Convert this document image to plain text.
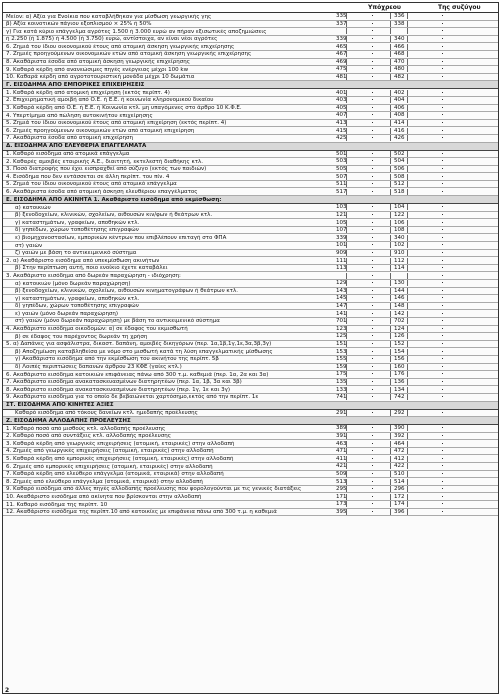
Υπόχρεου	Της συζύγου
Μείον: α) Αξία για Ενοίκια που καταβλήθηκαν για μίσθωση γεωργικής γης	335	336
β) Αξία κοινοτικών πάγιου εξοπλισμού × 25% ή 50%	337	338
γ) Για κατά κύριο επάγγελμα αγρότες 1.500 ή 3.000 ευρώ αν πήραν εξισωτικές αποζημιώσεις
ή 2.250 (ή 1.875) ή 4.500 (ή 3.750) ευρώ, αντίστοιχα, αν είναι νέοι αγρότες	339	340
6. Ζημιά του ίδιου οικονομικού έτους από ατομική άσκηση γεωργικής επιχείρησης	465	466
7. Ζημιές προηγούμενων οικονομικών ετών από ατομική άσκηση γεωργικής επιχείρησης	467	468
8. Ακαθάριστα έσοδα από ατομική άσκηση γεωργικής επιχείρησης	469	470
9. Καθαρά κέρδη από ανανεώσιμες πηγές ενέργειας μέχρι 100 kw	475	480
10. Καθαρά κέρδη από αγροτοτουριστική μονάδα μέχρι 10 δωμάτια	481	482
Γ. ΕΙΣΟΔΗΜΑ ΑΠΟ ΕΜΠΟΡΙΚΕΣ ΕΠΙΧΕΙΡΗΣΕΙΣ
1. Καθαρά κέρδη από ατομική επιχείρηση (εκτός περίπτ. 4)	401	402
2. Επιχειρηματική αμοιβή από Ο.Ε. ή Ε.Ε. ή κοινωνία κληρονομικού δικαίου	403	404
3. Καθαρά κέρδη από Ο.Ε. ή Ε.Ε. ή Κοινωνία κτλ. μη υπαγόμενες στο άρθρο 10 Κ.Φ.Ε.	405	406
4. Υπερτίμημα από πώληση αυτοκινήτου επιχείρησης	407	408
5. Ζημιά του ίδιου οικονομικού έτους από ατομική επιχείρηση (εκτός περίπτ. 4)	413	414
6. Ζημιές προηγούμενων οικονομικών ετών από ατομική επιχείρηση	415	416
7. Ακαθάριστα έσοδα από ατομική επιχείρηση	425	426
Δ. ΕΙΣΟΔΗΜΑ ΑΠΟ ΕΛΕΥΘΕΡΙΑ ΕΠΑΓΓΕΛΜΑΤΑ
1. Καθαρό εισόδημα από ατομικά επάγγελμα	501	502
2. Καθαρές αμοιβές εταιρικής Α.Ε., διαιτητή, εκτελεστή διαθήκης κτλ.	503	504
3. Ποσό διατροφής που έχει εισπραχθεί από σύζυγο (εκτός των παιδιών)	505	506
4. Εισόδημα που δεν εντάσσεται σε άλλη περίπτ. του πίν. 4	507	508
5. Ζημιά του ίδιου οικονομικού έτους από ατομικό επάγγελμα	511	512
6. Ακαθάριστα έσοδα από ατομική άσκηση ελευθέριου επαγγέλματος	517	518
Ε. ΕΙΣΟΔΗΜΑ ΑΠΟ ΑΚΙΝΗΤΑ 1. Ακαθάριστο εισόδημα από εκμίσθωση:
α) κατοικιών	103	104
β) ξενοδοχείων, κλινικών, σχολείων, αιθουσών κιν/φων ή θεάτρων κτλ.	121	122
γ) καταστημάτων, γραφείων, αποθηκών κτλ.	105	106
δ) γηπέδων, χώρων τοποθέτησης επιγραφών	107	108
ε) βιομηχανοστασίων, εμπορικών κέντρων που επιβλέπουν επιταγή στο ΦΠΑ	339	340
στ) γαιών	101	102
ζ) γαιών με βάση το αντικειμενικό σύστημα	909	910
2. α) Ακαθάριστο εισόδημα από υπεκμίσθωση ακινήτων	111	112
β) Στην περίπτωση αυτή, ποιο ενοίκιο έχετε καταβάλει	113	114
3. Ακαθάριστο εισόδημα από δωρεάν παραχώρηση - ιδιόχρηση:
α) κατοικιών (μόνο δωρεάν παραχώρηση)	129	130
β) ξενοδοχείων, κλινικών, σχολείων, αιθουσών κινηματογράφων ή θεάτρων κτλ.	143	144
γ) καταστημάτων, γραφείων, αποθηκών κτλ.	145	146
δ) γηπέδων, χώρων τοποθέτησης επιγραφών	147	148
ε) γαιών (μόνο δωρεάν παραχώρηση)	141	142
στ) γαιών (μόνο δωρεάν παραχώρηση) με βάση το αντικειμενικό σύστημα	701	702
4. Ακαθάριστο εισόδημα οικοδομών: α) σε έδαφος του εκμισθωτή	123	124
β) σε έδαφος του παρέχοντος δωρεάν τη χρήση	125	126
5. α) Δαπάνες για ασφάλιστρα, δικαστ. δαπάνη, αμοιβές δικηγόρων (περ. 1α,1β,1γ,1ε,3α,3β,3γ)	151	152
β) Αποζημίωση καταβληθείσα με νόμο στο μισθωτή κατά τη λύση επαγγελματικής μίσθωσης	153	154
γ) Ακαθάριστο εισόδημα από την εκμίσθωση του ακινήτου της περίπτ. 5β	155	156
δ) Λοιπές περιπτώσεις δαπανών άρθρου 23 ΚΦΕ (γαίες κτλ.)	159	160
6. Ακαθάριστο εισόδημα κατοικιών επιφάνειας πάνω από 300 τ.μ. καθεμιά (περ. 1α, 2α και 3α)	175	176
7. Ακαθάριστο εισόδημα ανακατασκευασμένων διατηρητέων (περ. 1α, 1β, 3α και 3β)	135	136
8. Ακαθάριστο εισόδημα ανακατασκευασμένων διατηρητέων (περ. 1γ, 1ε και 3γ)	133	134
9. Ακαθάριστο εισόδημα για το οποίο δε βεβαιώνεται χαρτόσημο,εκτός από την περίπτ. 1ε	741	742
ΣΤ. ΕΙΣΟΔΗΜΑ ΑΠΟ ΚΙΝΗΤΕΣ ΑΞΙΕΣ
Καθαρό εισόδημα από τόκους δανείων κτλ. ημεδαπής προέλευσης	291	292
Ζ. ΕΙΣΟΔΗΜΑ ΑΛΛΟΔΑΠΗΣ ΠΡΟΕΛΕΥΣΗΣ
1. Καθαρό ποσό από μισθούς κτλ. αλλοδαπής προέλευσης	389	390
2. Καθαρό ποσό από συντάξεις κτλ. αλλοδαπής προέλευσης	391	392
3. Καθαρά κέρδη από γεωργικές επιχειρήσεις (ατομική, εταιρικές) στην αλλοδαπή	463	464
4. Ζημιές από γεωργικές επιχειρήσεις (ατομική, εταιρικές) στην αλλοδαπή	471	472
5. Καθαρά κέρδη από εμπορικές επιχειρήσεις (ατομική, εταιρικές) στην αλλοδαπή	411	412
6. Ζημιές από εμπορικές επιχειρήσεις (ατομική, εταιρικές) στην αλλοδαπή	421	422
7. Καθαρά κέρδη από ελεύθερο επάγγελμα (ατομικά, εταιρικά) στην αλλοδαπή	509	510
8. Ζημιές από ελεύθερο επάγγελμα (ατομικά, εταιρικά) στην αλλοδαπή	513	514
9. Καθαρό εισόδημα από άλλες πηγές αλλοδαπής προέλευσης που φορολογούνται με τις γενικές διατάξεις	295	296
10. Ακαθάριστο εισόδημα από ακίνητα που βρίσκονται στην αλλοδαπή	171	172
11. Καθαρό εισόδημα της περίπτ. 10	173	174
12. Ακαθάριστο εισόδημα της περίπτ.10 από κατοικίες με επιφάνεια πάνω από 300 τ.μ. η καθεμιά	395	396
2
